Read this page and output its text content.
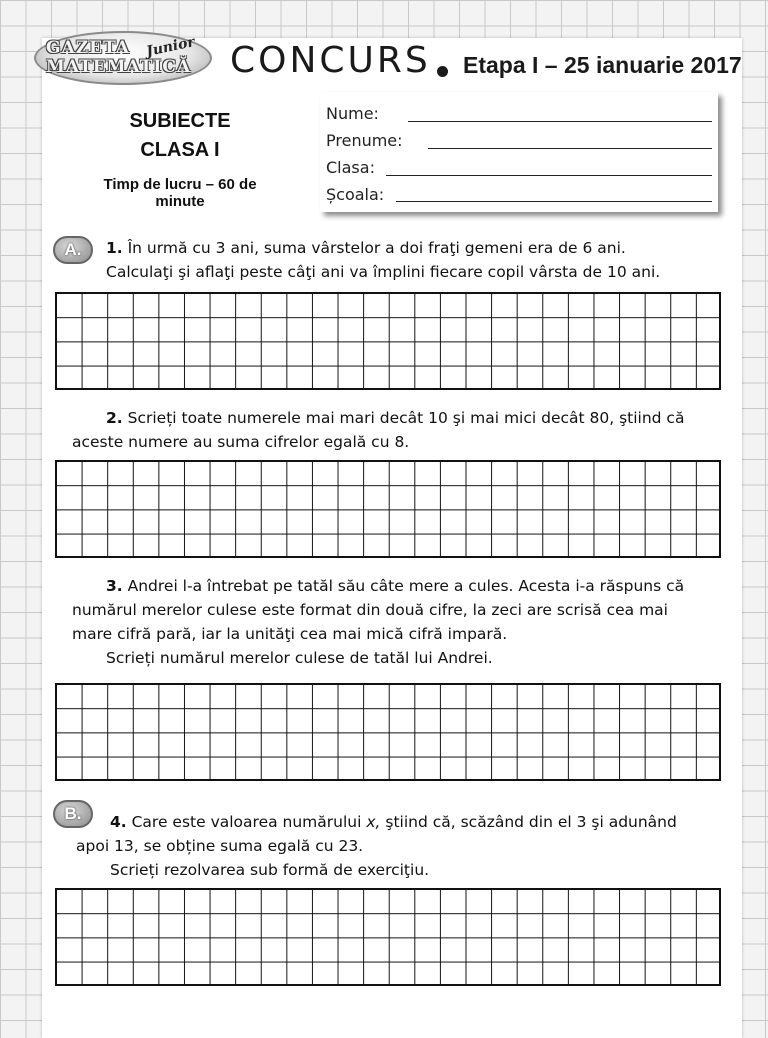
GAZETA
MATEMATICĂ
Junior CONCURS Etapa I – 25 ianuarie 2017
SUBIECTE
CLASA I
Timp de lucru – 60 de minute
Nume:
Prenume:
Clasa:
Școala:
A.	1. În urmă cu 3 ani, suma vârstelor a doi fraţi gemeni era de 6 ani.

Calculaţi şi aflaţi peste câţi ani va împlini fiecare copil vârsta de 10 ani.

2. Scrieți toate numerele mai mari decât 10 şi mai mici decât 80, ştiind că

aceste numere au suma cifrelor egală cu 8.

3. Andrei l-a întrebat pe tatăl său câte mere a cules. Acesta i-a răspuns că

numărul merelor culese este format din două cifre, la zeci are scrisă cea mai

mare cifră pară, iar la unităţi cea mai mică cifră impară.

Scrieți numărul merelor culese de tatăl lui Andrei.

B.	4. Care este valoarea numărului x, ştiind că, scăzând din el 3 şi adunând

apoi 13, se obține suma egală cu 23.

Scrieți rezolvarea sub formă de exerciţiu.
